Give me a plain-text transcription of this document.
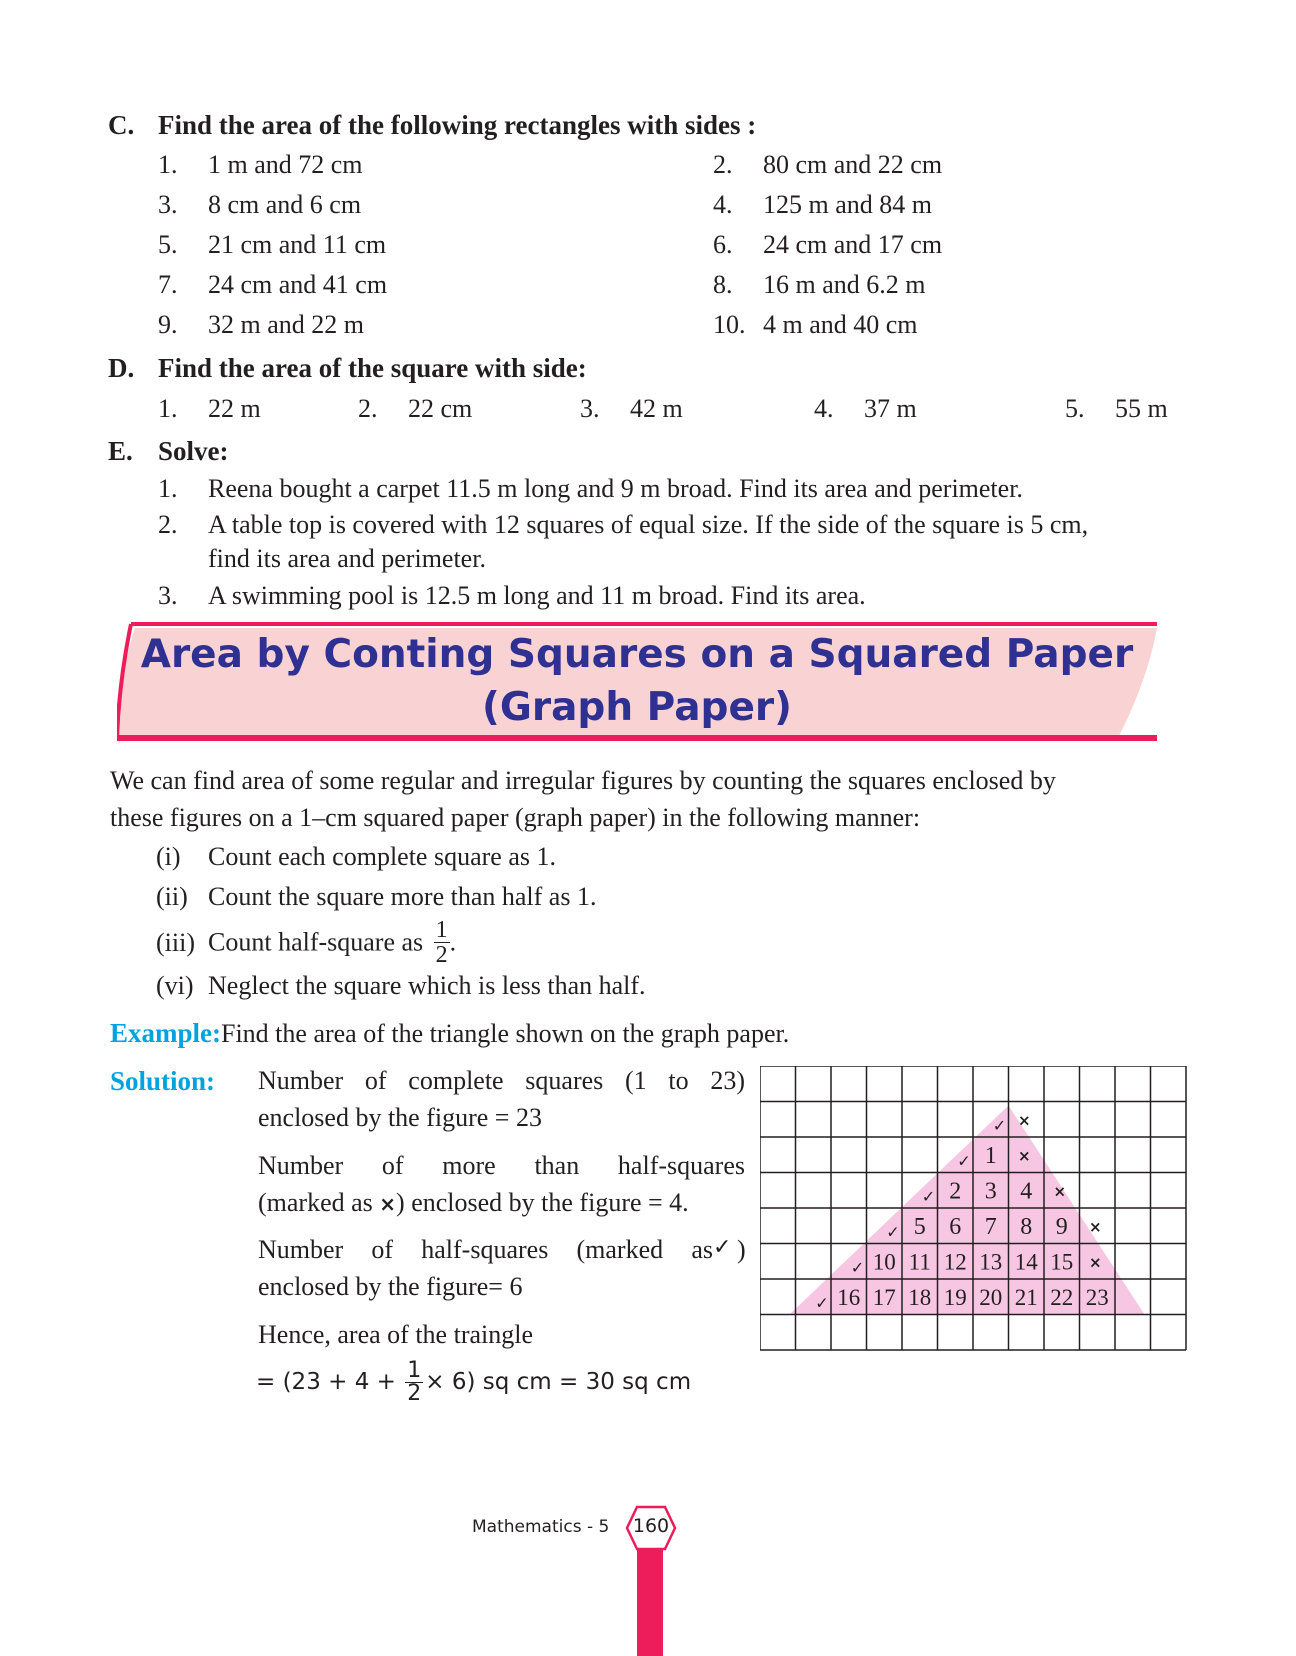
C. Find the area of the following rectangles with sides :
1. 1 m and 72 cm	2. 80 cm and 22 cm
3. 8 cm and 6 cm	4. 125 m and 84 m
5. 21 cm and 11 cm	6. 24 cm and 17 cm
7. 24 cm and 41 cm	8. 16 m and 6.2 m
9. 32 m and 22 m	10. 4 m and 40 cm
D. Find the area of the square with side:
1. 22 m	2. 22 cm	3. 42 m	4. 37 m	5. 55 m
E. Solve:
1. Reena bought a carpet 11.5 m long and 9 m broad. Find its area and perimeter.
2. A table top is covered with 12 squares of equal size. If the side of the square is 5 cm,
find its area and perimeter.
3. A swimming pool is 12.5 m long and 11 m broad. Find its area.
Area by Conting Squares on a Squared Paper
(Graph Paper)
We can find area of some regular and irregular figures by counting the squares enclosed by
these figures on a 1–cm squared paper (graph paper) in the following manner:
(i) Count each complete square as 1.
(ii) Count the square more than half as 1.
(iii) Count half-square as $\frac{1}{2}$ .
(vi) Neglect the square which is less than half.
Example:Find the area of the triangle shown on the graph paper.
Solution: Number of complete squares (1 to 23)
enclosed by the figure = 23
Number of more than half-squares
(marked as ×) enclosed by the figure = 4.
Number of half-squares (marked as ✓ )
enclosed by the figure= 6
Hence, area of the traingle
= $(23 + 4 + \frac{1}{2} \times 6)$ sq cm = 30 sq cm
1
2 3 4
5 6 7 8 9
10 11 12 13 14 15
16 17 18 19 20 21 22 23
✓
✓
✓
✓
✓
✓
×
×
×
×
×
160
Mathematics - 5
